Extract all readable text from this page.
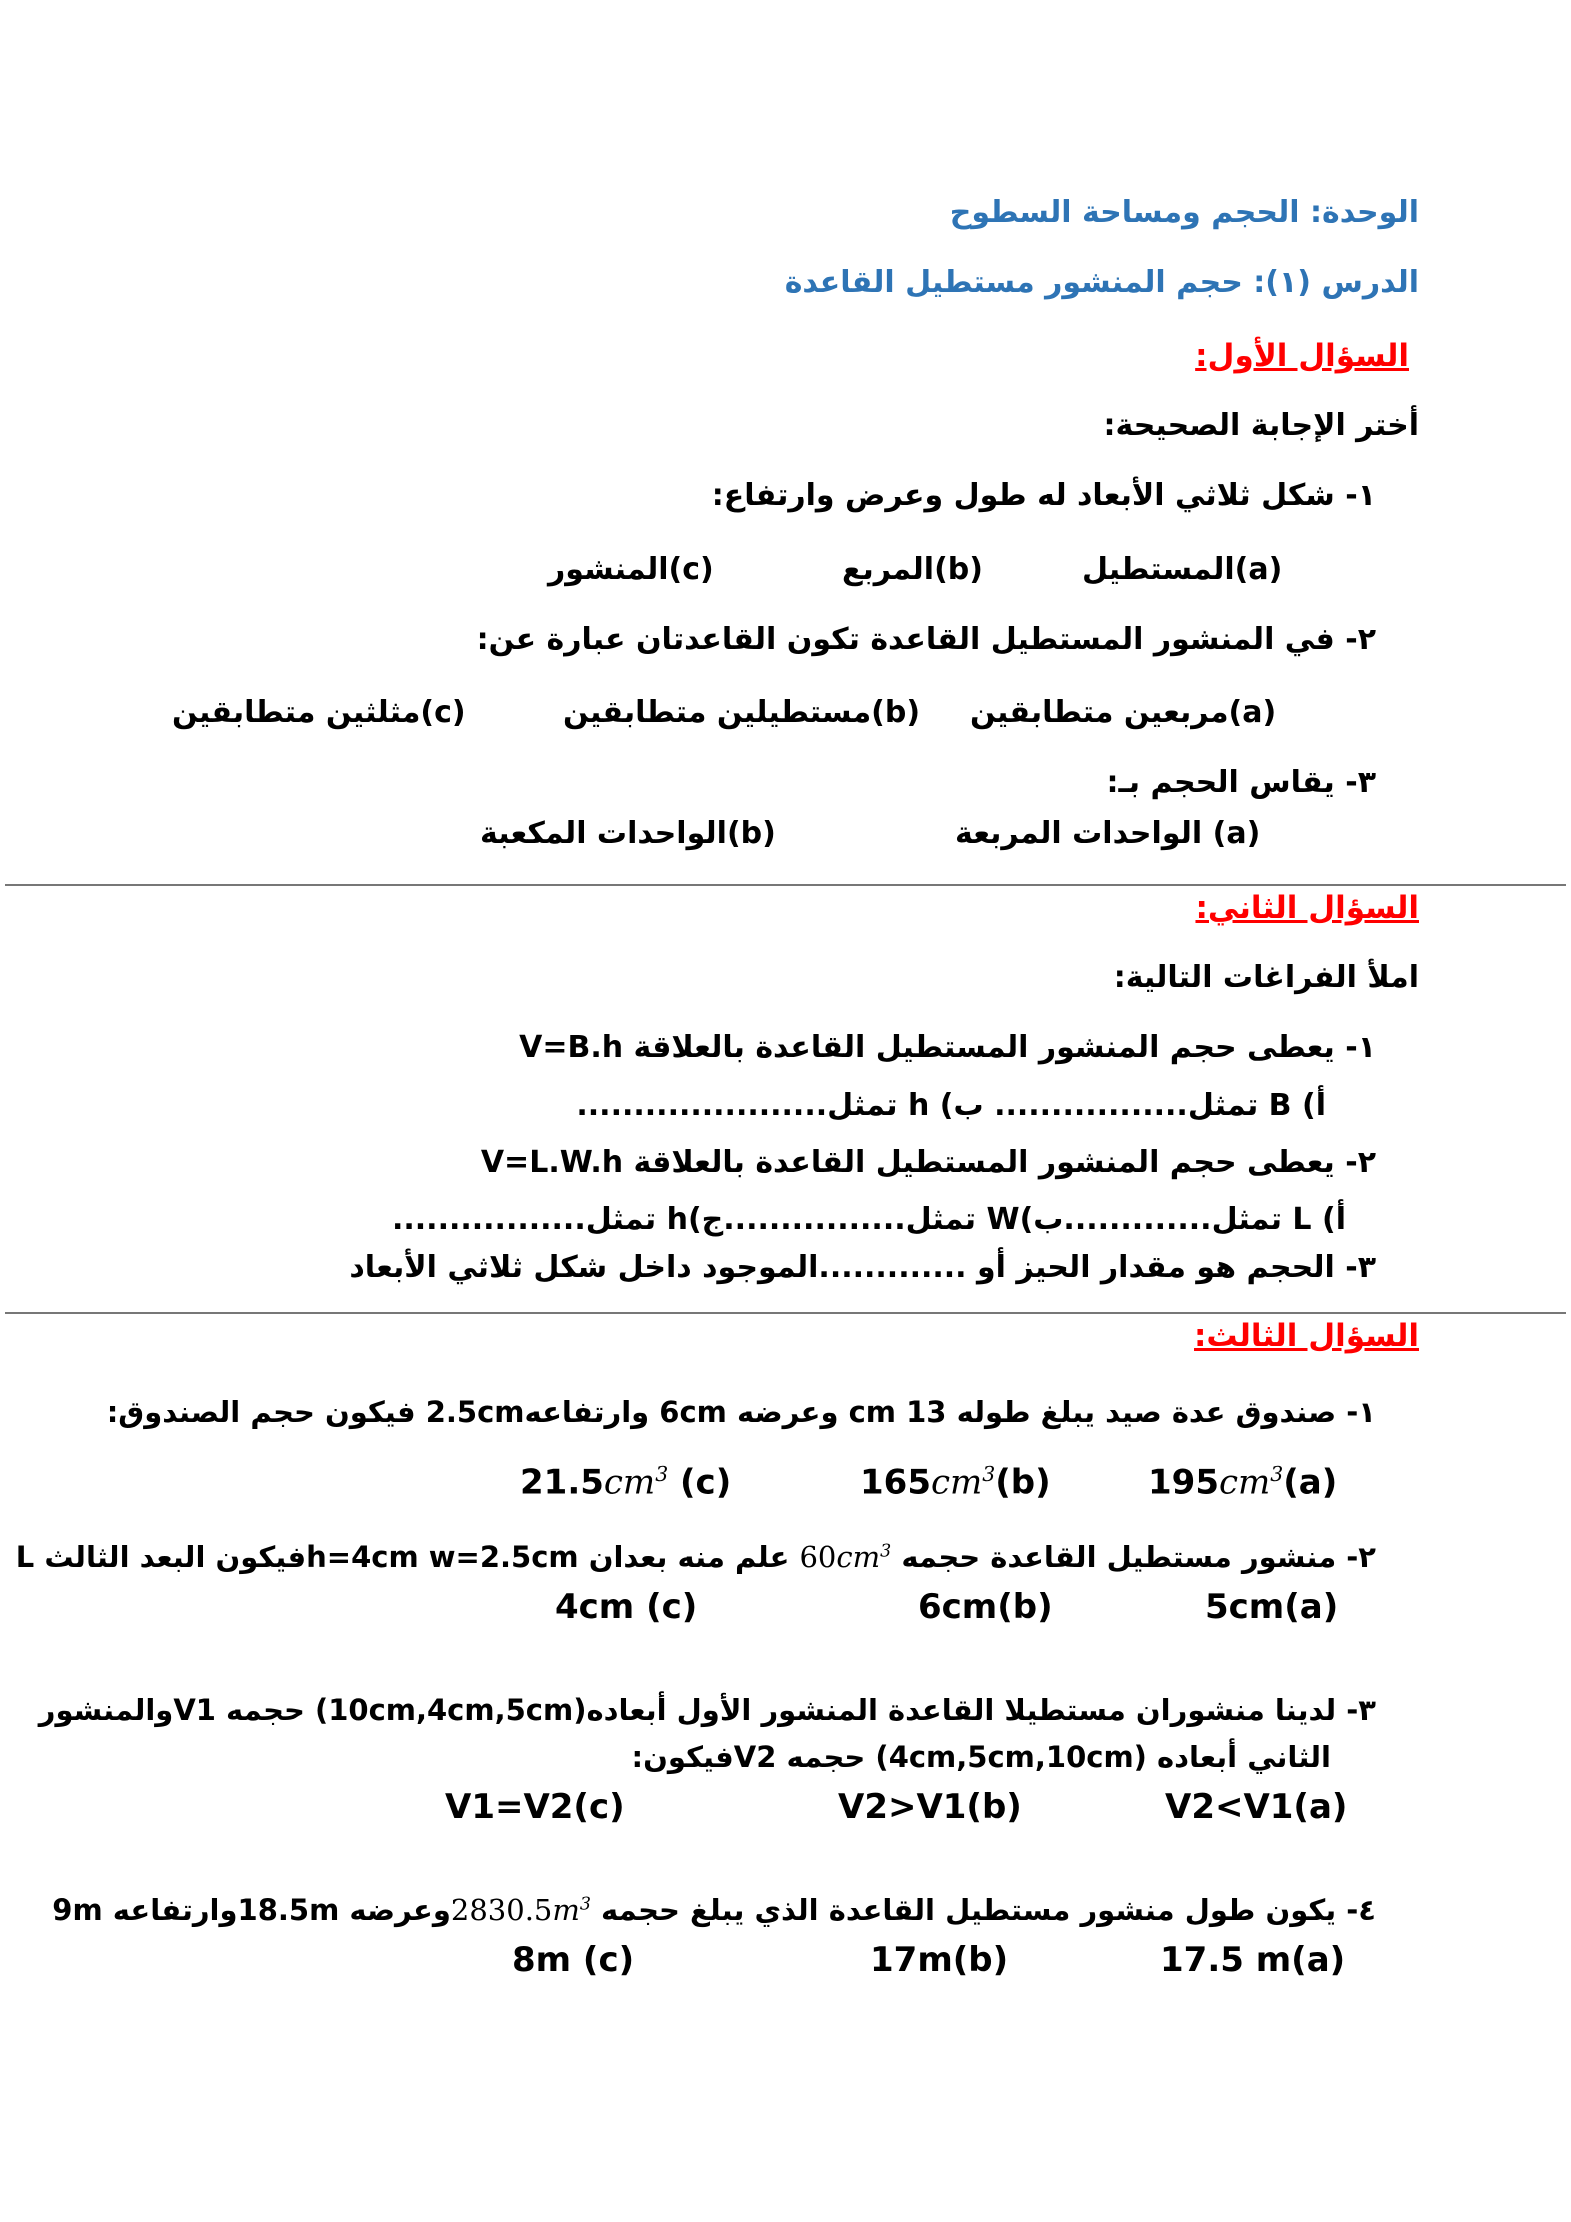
الوحدة: الحجم ومساحة السطوح
الدرس (١): حجم المنشور مستطيل القاعدة
السؤال الأول:
أختر الإجابة الصحيحة:
١- شكل ثلاثي الأبعاد له طول وعرض وارتفاع:
(a)المستطيل
(b)المربع
(c)المنشور
٢- في المنشور المستطيل القاعدة تكون القاعدتان عبارة عن:
(a)مربعين متطابقين
(b)مستطيلين متطابقين
(c)مثلثين متطابقين
٣- يقاس الحجم بـ:
(a) الواحدات المربعة
(b)الواحدات المكعبة
السؤال الثاني:
املأ الفراغات التالية:
١- يعطى حجم المنشور المستطيل القاعدة بالعلاقة V=B.h
أ) B تمثل................. ب) h تمثل......................
٢- يعطى حجم المنشور المستطيل القاعدة بالعلاقة V=L.W.h
أ) L تمثل.............ب)W تمثل................ج)h تمثل.................
٣- الحجم هو مقدار الحيز أو .............الموجود داخل شكل ثلاثي الأبعاد
السؤال الثالث:
١- صندوق عدة صيد يبلغ طوله 13 cm وعرضه 6cm وارتفاعه2.5cm فيكون حجم الصندوق:
$195cm^3(a)$
$165cm^3(b)$
$21.5cm^3$ (c)
٢- منشور مستطيل القاعدة حجمه $60cm^3$ علم منه بعدان h=4cm w=2.5cmفيكون البعد الثالث L
5cm(a)
6cm(b)
4cm (c)
٣- لدينا منشوران مستطيلا القاعدة المنشور الأول أبعاده(10cm,4cm,5cm) حجمه V1والمنشور
الثاني أبعاده (4cm,5cm,10cm) حجمه V2فيكون:
V2<V1(a)
V2>V1(b)
V1=V2(c)
٤- يكون طول منشور مستطيل القاعدة الذي يبلغ حجمه $2830.5m^3وعرضه$ 18.5mوارتفاعه 9m
17.5 m(a)
17m(b)
8m (c)
